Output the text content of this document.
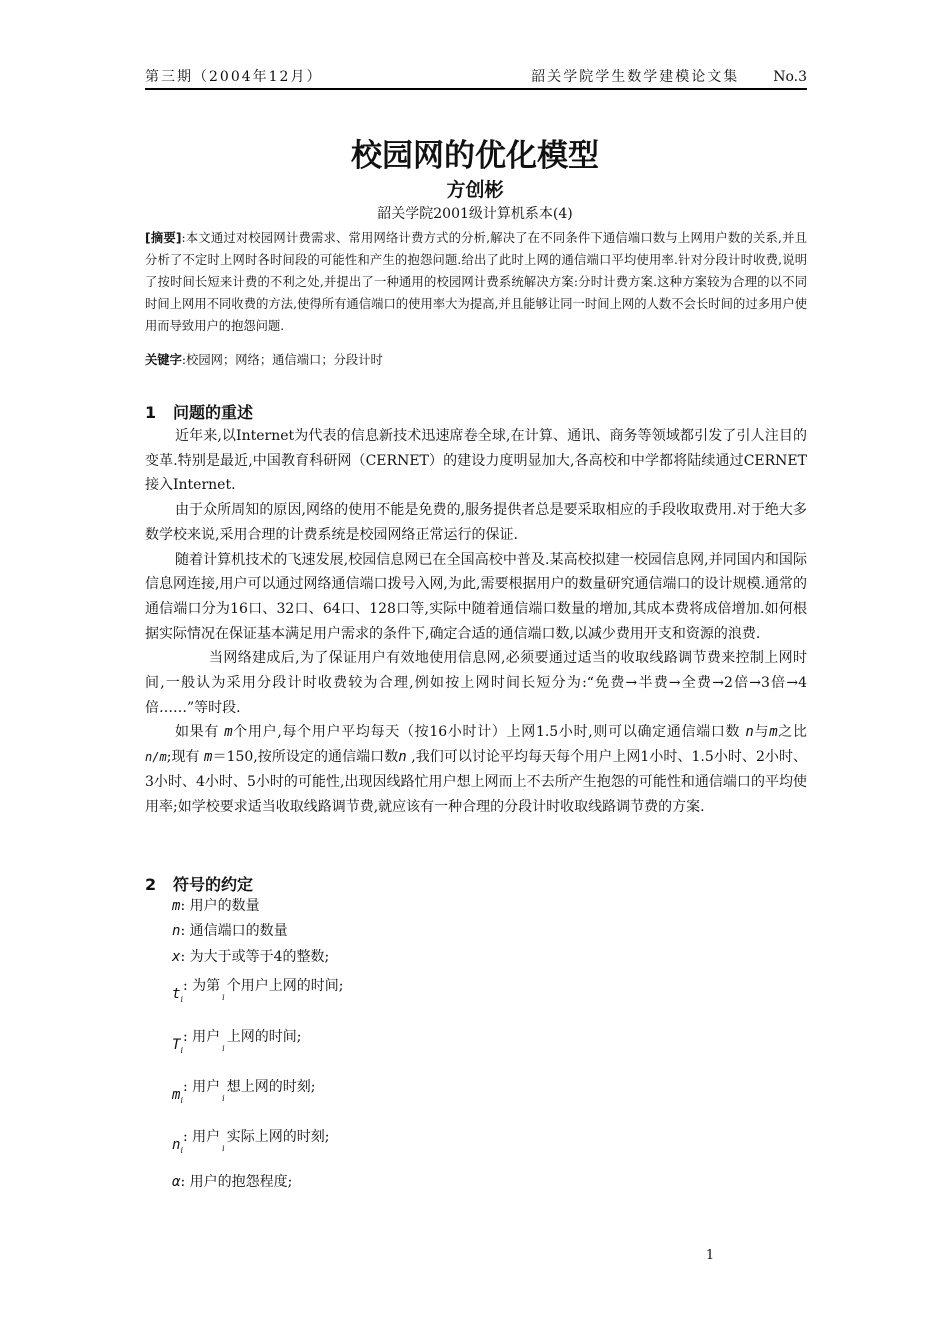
第三期（2004年12月）	韶关学院学生数学建模论文集 No.3
校园网的优化模型
方创彬
韶关学院2001级计算机系本(4)
[摘要]:本文通过对校园网计费需求、常用网络计费方式的分析,解决了在不同条件下通信端口数与上网用户数的关系,并且分析了不定时上网时各时间段的可能性和产生的抱怨问题.给出了此时上网的通信端口平均使用率.针对分段计时收费,说明了按时间长短来计费的不利之处,并提出了一种通用的校园网计费系统解决方案:分时计费方案.这种方案较为合理的以不同时间上网用不同收费的方法,使得所有通信端口的使用率大为提高,并且能够让同一时间上网的人数不会长时间的过多用户使用而导致用户的抱怨问题.
关键字:校园网；网络；通信端口；分段计时
1 问题的重述

近年来,以Internet为代表的信息新技术迅速席卷全球,在计算、通讯、商务等领域都引发了引人注目的变革.特别是最近,中国教育科研网（CERNET）的建设力度明显加大,各高校和中学都将陆续通过CERNET接入Internet.

由于众所周知的原因,网络的使用不能是免费的,服务提供者总是要采取相应的手段收取费用.对于绝大多数学校来说,采用合理的计费系统是校园网络正常运行的保证.

随着计算机技术的飞速发展,校园信息网已在全国高校中普及.某高校拟建一校园信息网,并同国内和国际信息网连接,用户可以通过网络通信端口拨号入网,为此,需要根据用户的数量研究通信端口的设计规模.通常的通信端口分为16口、32口、64口、128口等,实际中随着通信端口数量的增加,其成本费将成倍增加.如何根据实际情况在保证基本满足用户需求的条件下,确定合适的通信端口数,以减少费用开支和资源的浪费.

当网络建成后,为了保证用户有效地使用信息网,必须要通过适当的收取线路调节费来控制上网时间,一般认为采用分段计时收费较为合理,例如按上网时间长短分为:“免费→半费→全费→2倍→3倍→4倍……”等时段.

如果有 m个用户,每个用户平均每天（按16小时计）上网1.5小时,则可以确定通信端口数 n与m之比 n/m;现有 m＝150,按所设定的通信端口数n ,我们可以讨论平均每天每个用户上网1小时、1.5小时、2小时、3小时、4小时、5小时的可能性,出现因线路忙用户想上网而上不去所产生抱怨的可能性和通信端口的平均使用率;如学校要求适当收取线路调节费,就应该有一种合理的分段计时收取线路调节费的方案.

2 符号的约定
m: 用户的数量
n: 通信端口的数量
x: 为大于或等于4的整数;
$t_i$: 为第$_i$个用户上网的时间;
$T_i$: 用户$_i$上网的时间;
$m_i$: 用户$_i$想上网的时刻;
$n_i$: 用户$_i$实际上网的时刻;
α: 用户的抱怨程度;
1
